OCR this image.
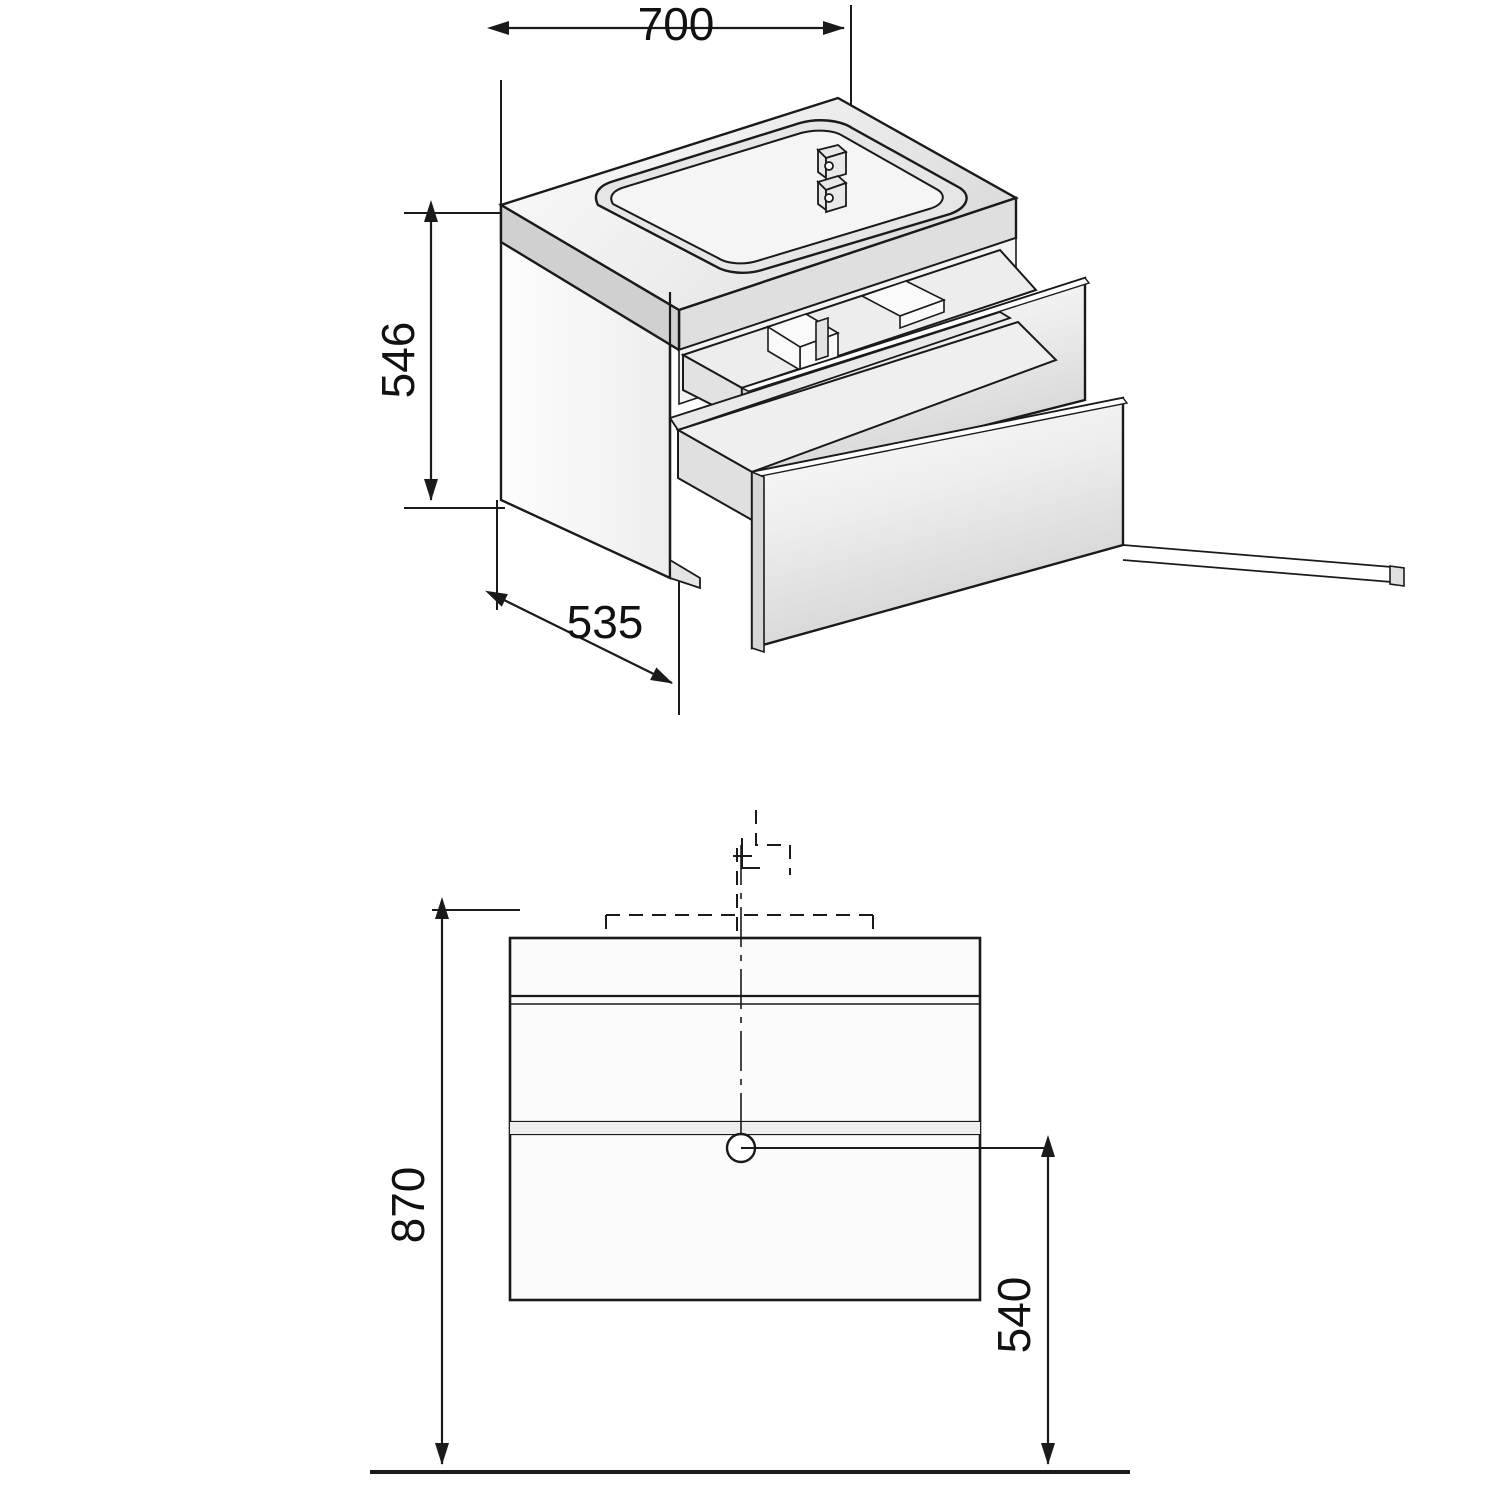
700
546
535
870
540
